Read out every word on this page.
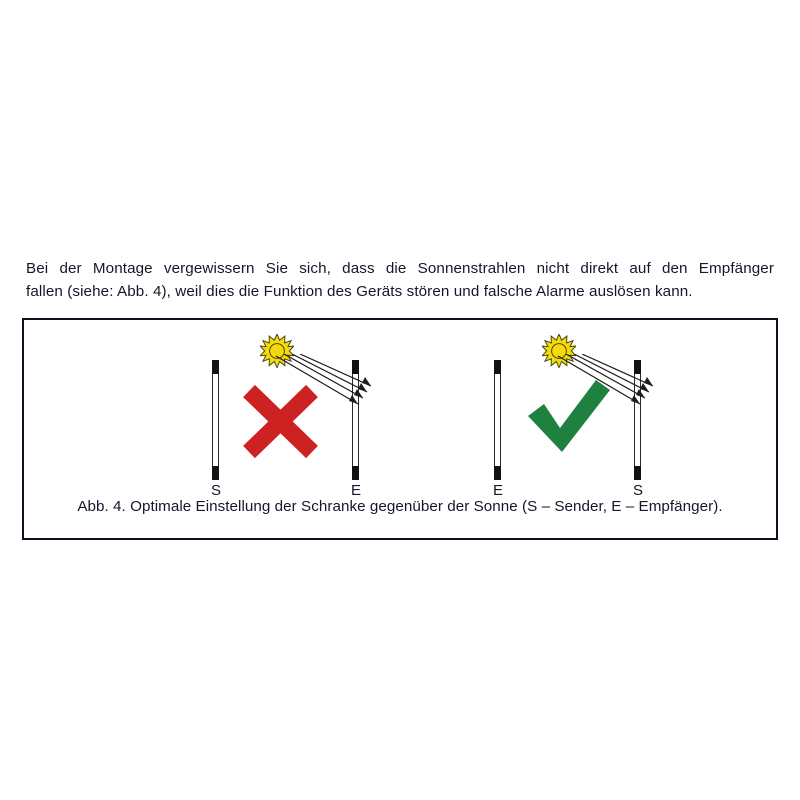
Bei der Montage vergewissern Sie sich, dass die Sonnenstrahlen nicht direkt auf den Empfänger
fallen (siehe: Abb. 4), weil dies die Funktion des Geräts stören und falsche Alarme auslösen kann.
S	E	E	S
Abb. 4. Optimale Einstellung der Schranke gegenüber der Sonne (S – Sender, E – Empfänger).
